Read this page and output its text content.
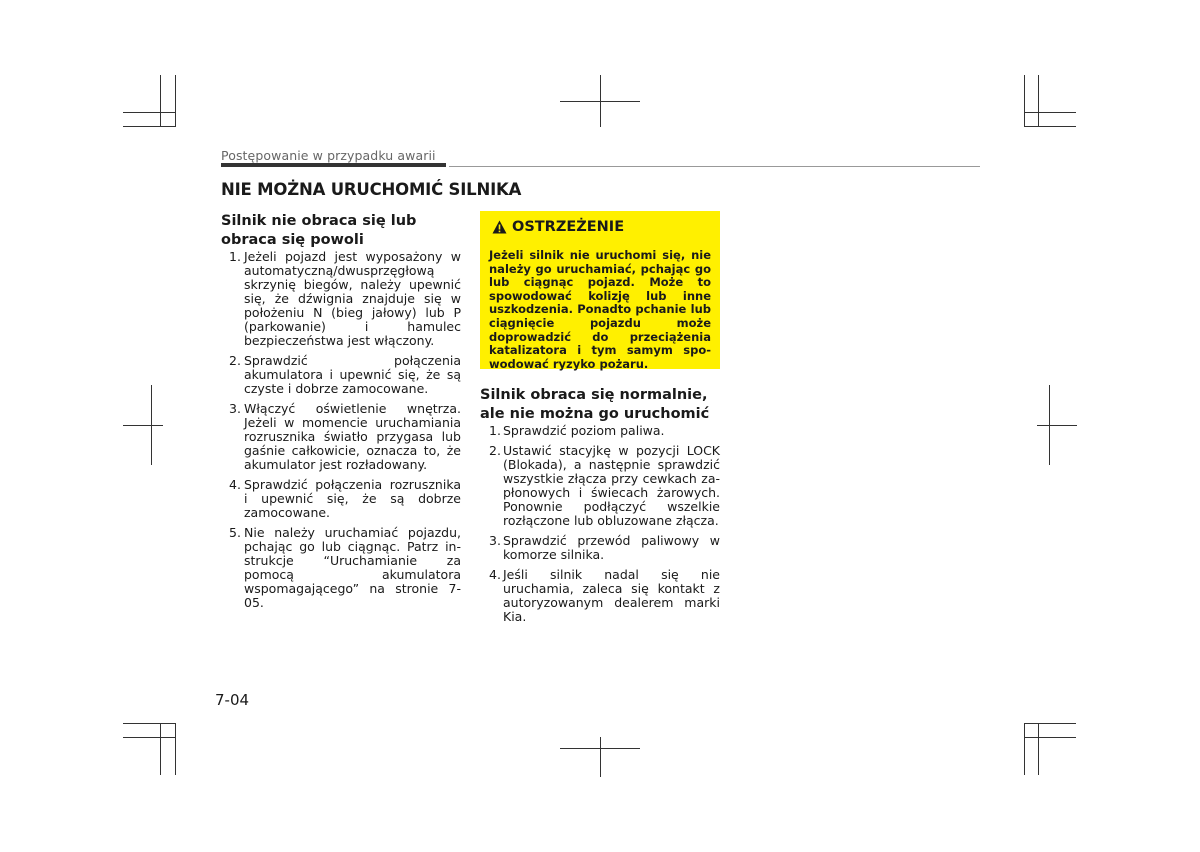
Postępowanie w przypadku awarii
NIE MOŻNA URUCHOMIĆ SILNIKA

Silnik nie obraca się lub obraca się powoli

1. Jeżeli pojazd jest wyposażony w automatyczną/dwusprzęgłową skrzynię biegów, należy upewnić się, że dźwignia znajduje się w położeniu N (bieg jałowy) lub P (parkowanie) i hamulec bezpieczeństwa jest włączony.
2. Sprawdzić połączenia akumulatora i upewnić się, że są czyste i dobrze zamocowane.
3. Włączyć oświetlenie wnętrza. Jeżeli w momencie uruchamiania rozrusznika światło przygasa lub gaśnie całkowicie, oznacza to, że akumulator jest rozładowany.
4. Sprawdzić połączenia rozrusznika i upewnić się, że są dobrze zamocowane.
5. Nie należy uruchamiać pojazdu, pchając go lub ciągnąc. Patrz instrukcje “Uruchamianie za pomocą akumulatora wspomagającego” na stronie 7-05.
OSTRZEŻENIE

Jeżeli silnik nie uruchomi się, nie należy go uruchamiać, pchając go lub ciągnąc pojazd. Może to spowodować kolizję lub inne uszkodzenia. Ponadto pchanie lub ciągnięcie pojazdu może doprowadzić do przeciążenia katalizatora i tym samym spowodować ryzyko pożaru.

Silnik obraca się normalnie, ale nie można go uruchomić

1. Sprawdzić poziom paliwa.
2. Ustawić stacyjkę w pozycji LOCK (Blokada), a następnie sprawdzić wszystkie złącza przy cewkach zapłonowych i świecach żarowych. Ponownie podłączyć wszelkie rozłączone lub obluzowane złącza.
3. Sprawdzić przewód paliwowy w komorze silnika.
4. Jeśli silnik nadal się nie uruchamia, zaleca się kontakt z autoryzowanym dealerem marki Kia.
7-04
